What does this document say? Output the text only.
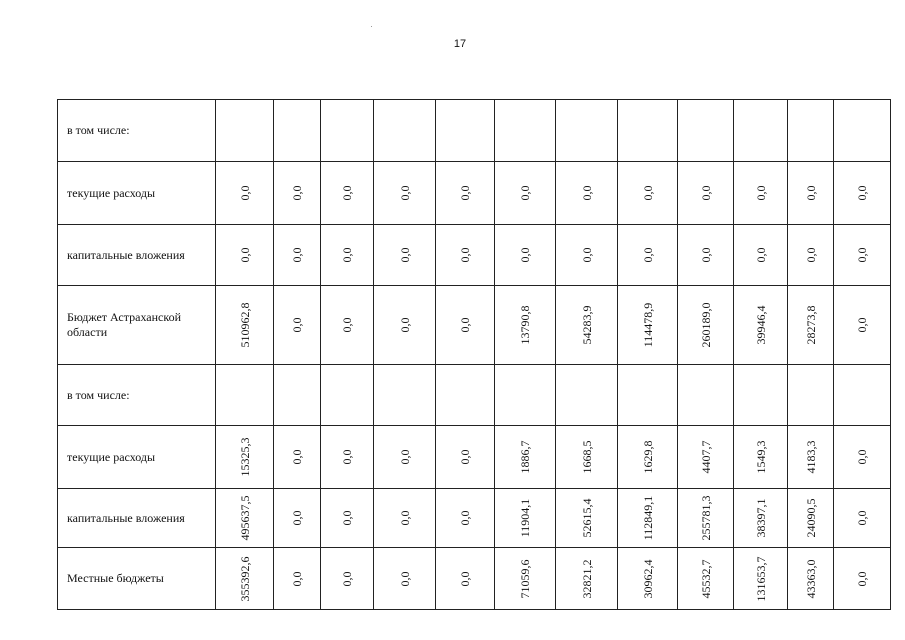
17
в том числе:	

текущие расходы	0,0	0,0	0,0	0,0	0,0	0,0	0,0	0,0	0,0	0,0	0,0	0,0

капитальные вложения	0,0	0,0	0,0	0,0	0,0	0,0	0,0	0,0	0,0	0,0	0,0	0,0

Бюджет Астраханской области	510962,8	0,0	0,0	0,0	0,0	13790,8	54283,9	114478,9	260189,0	39946,4	28273,8	0,0

в том числе:	

текущие расходы	15325,3	0,0	0,0	0,0	0,0	1886,7	1668,5	1629,8	4407,7	1549,3	4183,3	0,0

капитальные вложения	495637,5	0,0	0,0	0,0	0,0	11904,1	52615,4	112849,1	255781,3	38397,1	24090,5	0,0

Местные бюджеты	355392,6	0,0	0,0	0,0	0,0	71059,6	32821,2	30962,4	45532,7	131653,7	43363,0	0,0
